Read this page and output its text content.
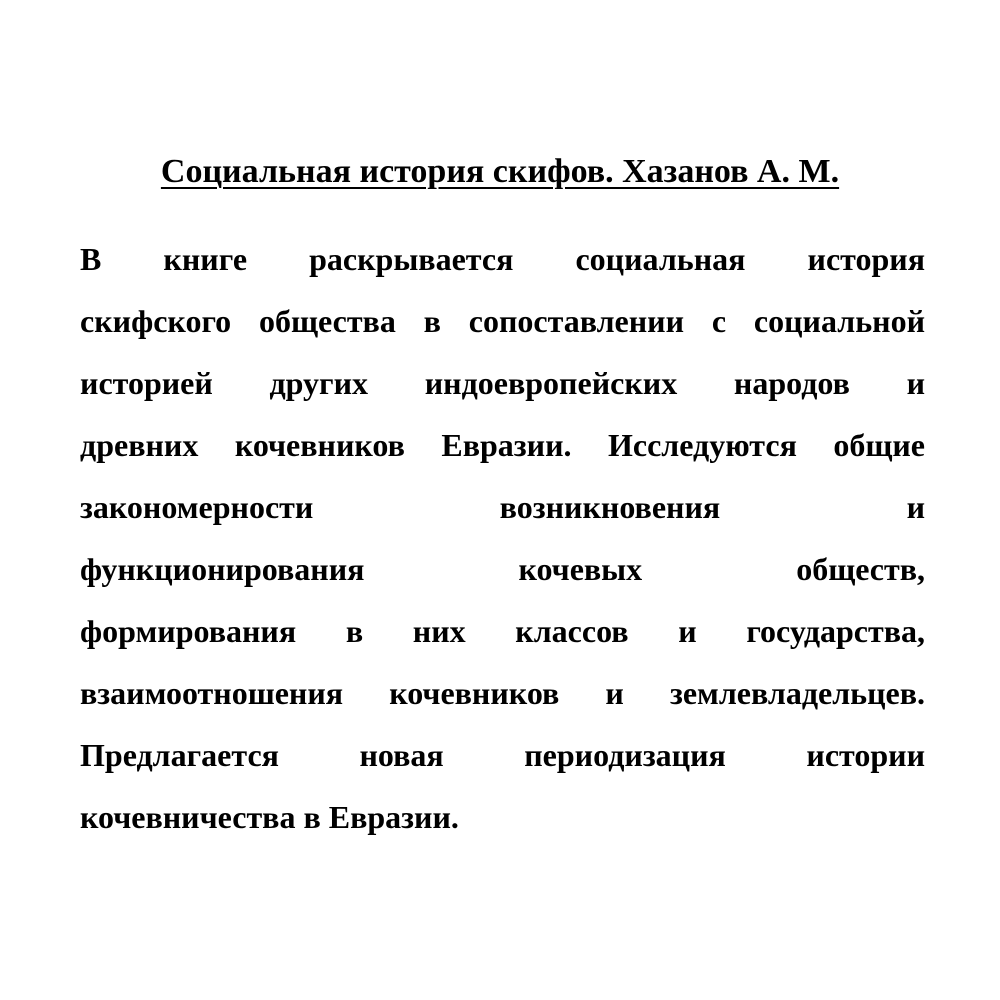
Социальная история скифов. Хазанов А. М.
В книге раскрывается социальная история
скифского общества в сопоставлении с социальной
историей других индоевропейских народов и
древних кочевников Евразии. Исследуются общие
закономерности возникновения и
функционирования кочевых обществ,
формирования в них классов и государства,
взаимоотношения кочевников и землевладельцев.
Предлагается новая периодизация истории
кочевничества в Евразии.
